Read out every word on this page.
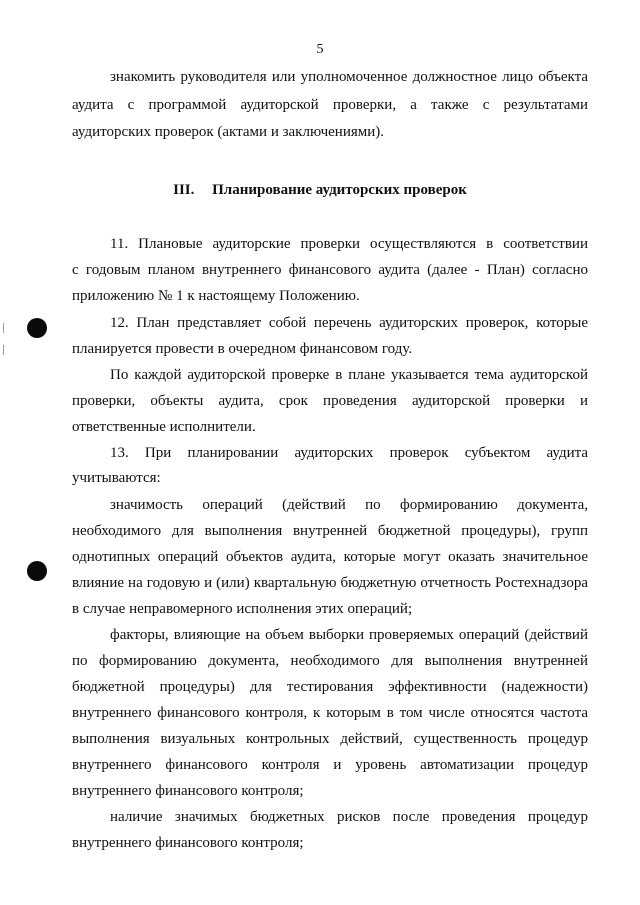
5
знакомить руководителя или уполномоченное должностное лицо объекта
аудита с программой аудиторской проверки, а также с результатами
аудиторских проверок (актами и заключениями).
III. Планирование аудиторских проверок
11. Плановые аудиторские проверки осуществляются в соответствии
с годовым планом внутреннего финансового аудита (далее - План) согласно
приложению № 1 к настоящему Положению.
12. План представляет собой перечень аудиторских проверок, которые
планируется провести в очередном финансовом году.
По каждой аудиторской проверке в плане указывается тема аудиторской
проверки, объекты аудита, срок проведения аудиторской проверки и
ответственные исполнители.
13. При планировании аудиторских проверок субъектом аудита
учитываются:
значимость операций (действий по формированию документа,
необходимого для выполнения внутренней бюджетной процедуры), групп
однотипных операций объектов аудита, которые могут оказать значительное
влияние на годовую и (или) квартальную бюджетную отчетность Ростехнадзора
в случае неправомерного исполнения этих операций;
факторы, влияющие на объем выборки проверяемых операций (действий
по формированию документа, необходимого для выполнения внутренней
бюджетной процедуры) для тестирования эффективности (надежности)
внутреннего финансового контроля, к которым в том числе относятся частота
выполнения визуальных контрольных действий, существенность процедур
внутреннего финансового контроля и уровень автоматизации процедур
внутреннего финансового контроля;
наличие значимых бюджетных рисков после проведения процедур
внутреннего финансового контроля;
